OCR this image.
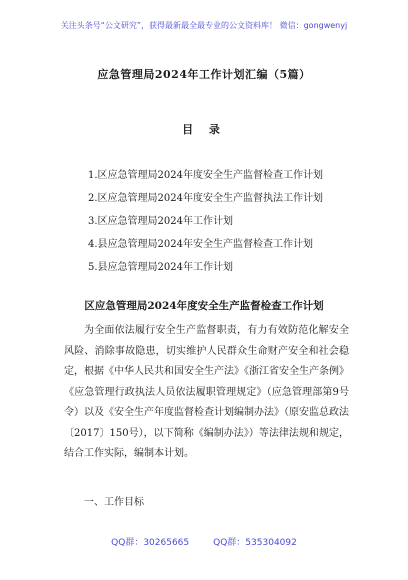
关注头条号“公文研究”，获得最新最全最专业的公文资料库！ 微信：gongwenyj
应急管理局2024年工作计划汇编（5篇）
目 录
1.区应急管理局2024年度安全生产监督检查工作计划
2.区应急管理局2024年度安全生产监督执法工作计划
3.区应急管理局2024年工作计划
4.县应急管理局2024年安全生产监督检查工作计划
5.县应急管理局2024年工作计划
区应急管理局2024年度安全生产监督检查工作计划

为全面依法履行安全生产监督职责，有力有效防范化解安全风险、消除事故隐患，切实维护人民群众生命财产安全和社会稳定，根据《中华人民共和国安全生产法》《浙江省安全生产条例》《应急管理行政执法人员依法履职管理规定》（应急管理部第9号令）以及《安全生产年度监督检查计划编制办法》（原安监总政法〔2017〕150号），以下简称《编制办法》）等法律法规和规定，结合工作实际，编制本计划。

一、工作目标
QQ群：30265665	QQ群：535304092
